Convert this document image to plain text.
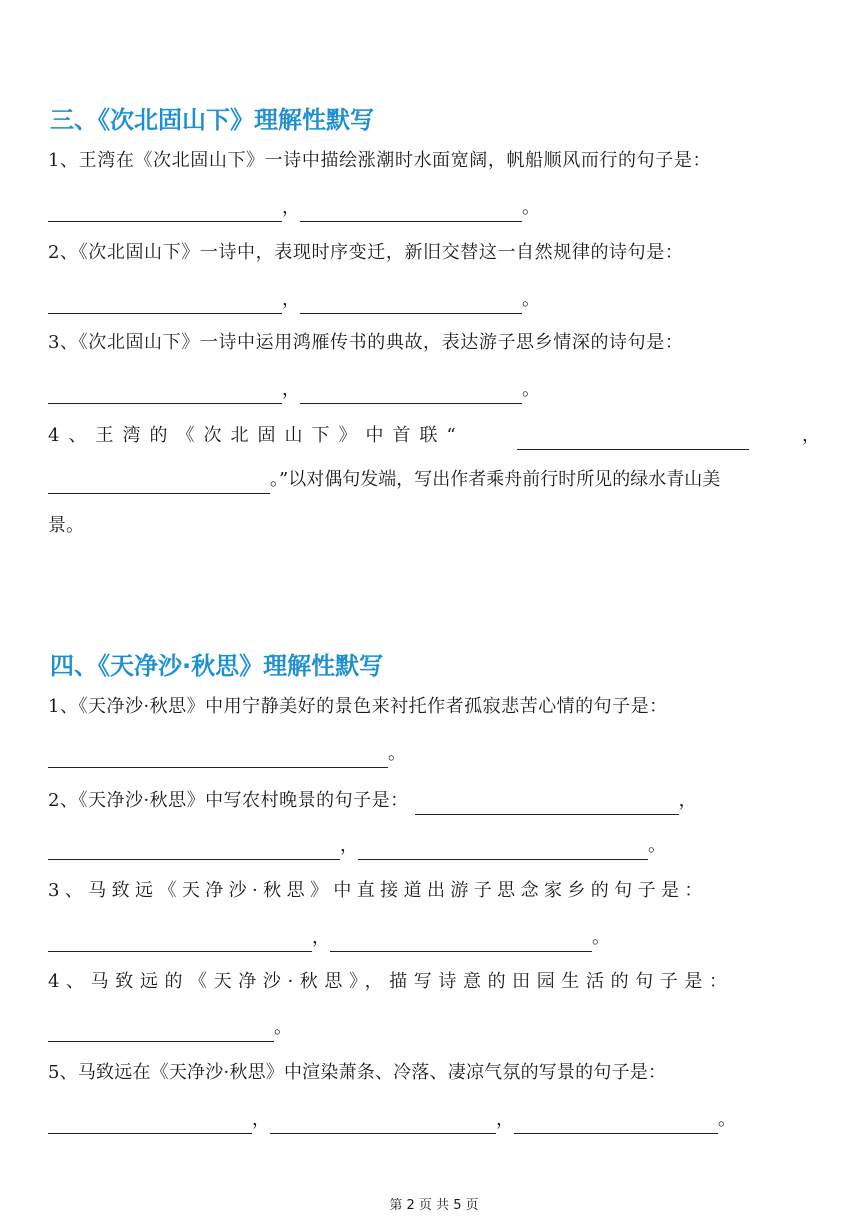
三、《次北固山下》理解性默写
1、王湾在《次北固山下》一诗中描绘涨潮时水面宽阔，帆船顺风而行的句子是：
，	。
2、《次北固山下》一诗中，表现时序变迁，新旧交替这一自然规律的诗句是：
，	。
3、《次北固山下》一诗中运用鸿雁传书的典故，表达游子思乡情深的诗句是：
，	。
4、王湾的《次北固山下》中首联“	，
。”以对偶句发端，写出作者乘舟前行时所见的绿水青山美
景。
四、《天净沙·秋思》理解性默写
1、《天净沙·秋思》中用宁静美好的景色来衬托作者孤寂悲苦心情的句子是：
。
2、《天净沙·秋思》中写农村晚景的句子是：	，
，	。
3、马致远《天净沙·秋思》中直接道出游子思念家乡的句子是：
，	。
4、马致远的《天净沙·秋思》，描写诗意的田园生活的句子是：
。
5、马致远在《天净沙·秋思》中渲染萧条、冷落、凄凉气氛的写景的句子是：
，	，	。
第 2 页 共 5 页
